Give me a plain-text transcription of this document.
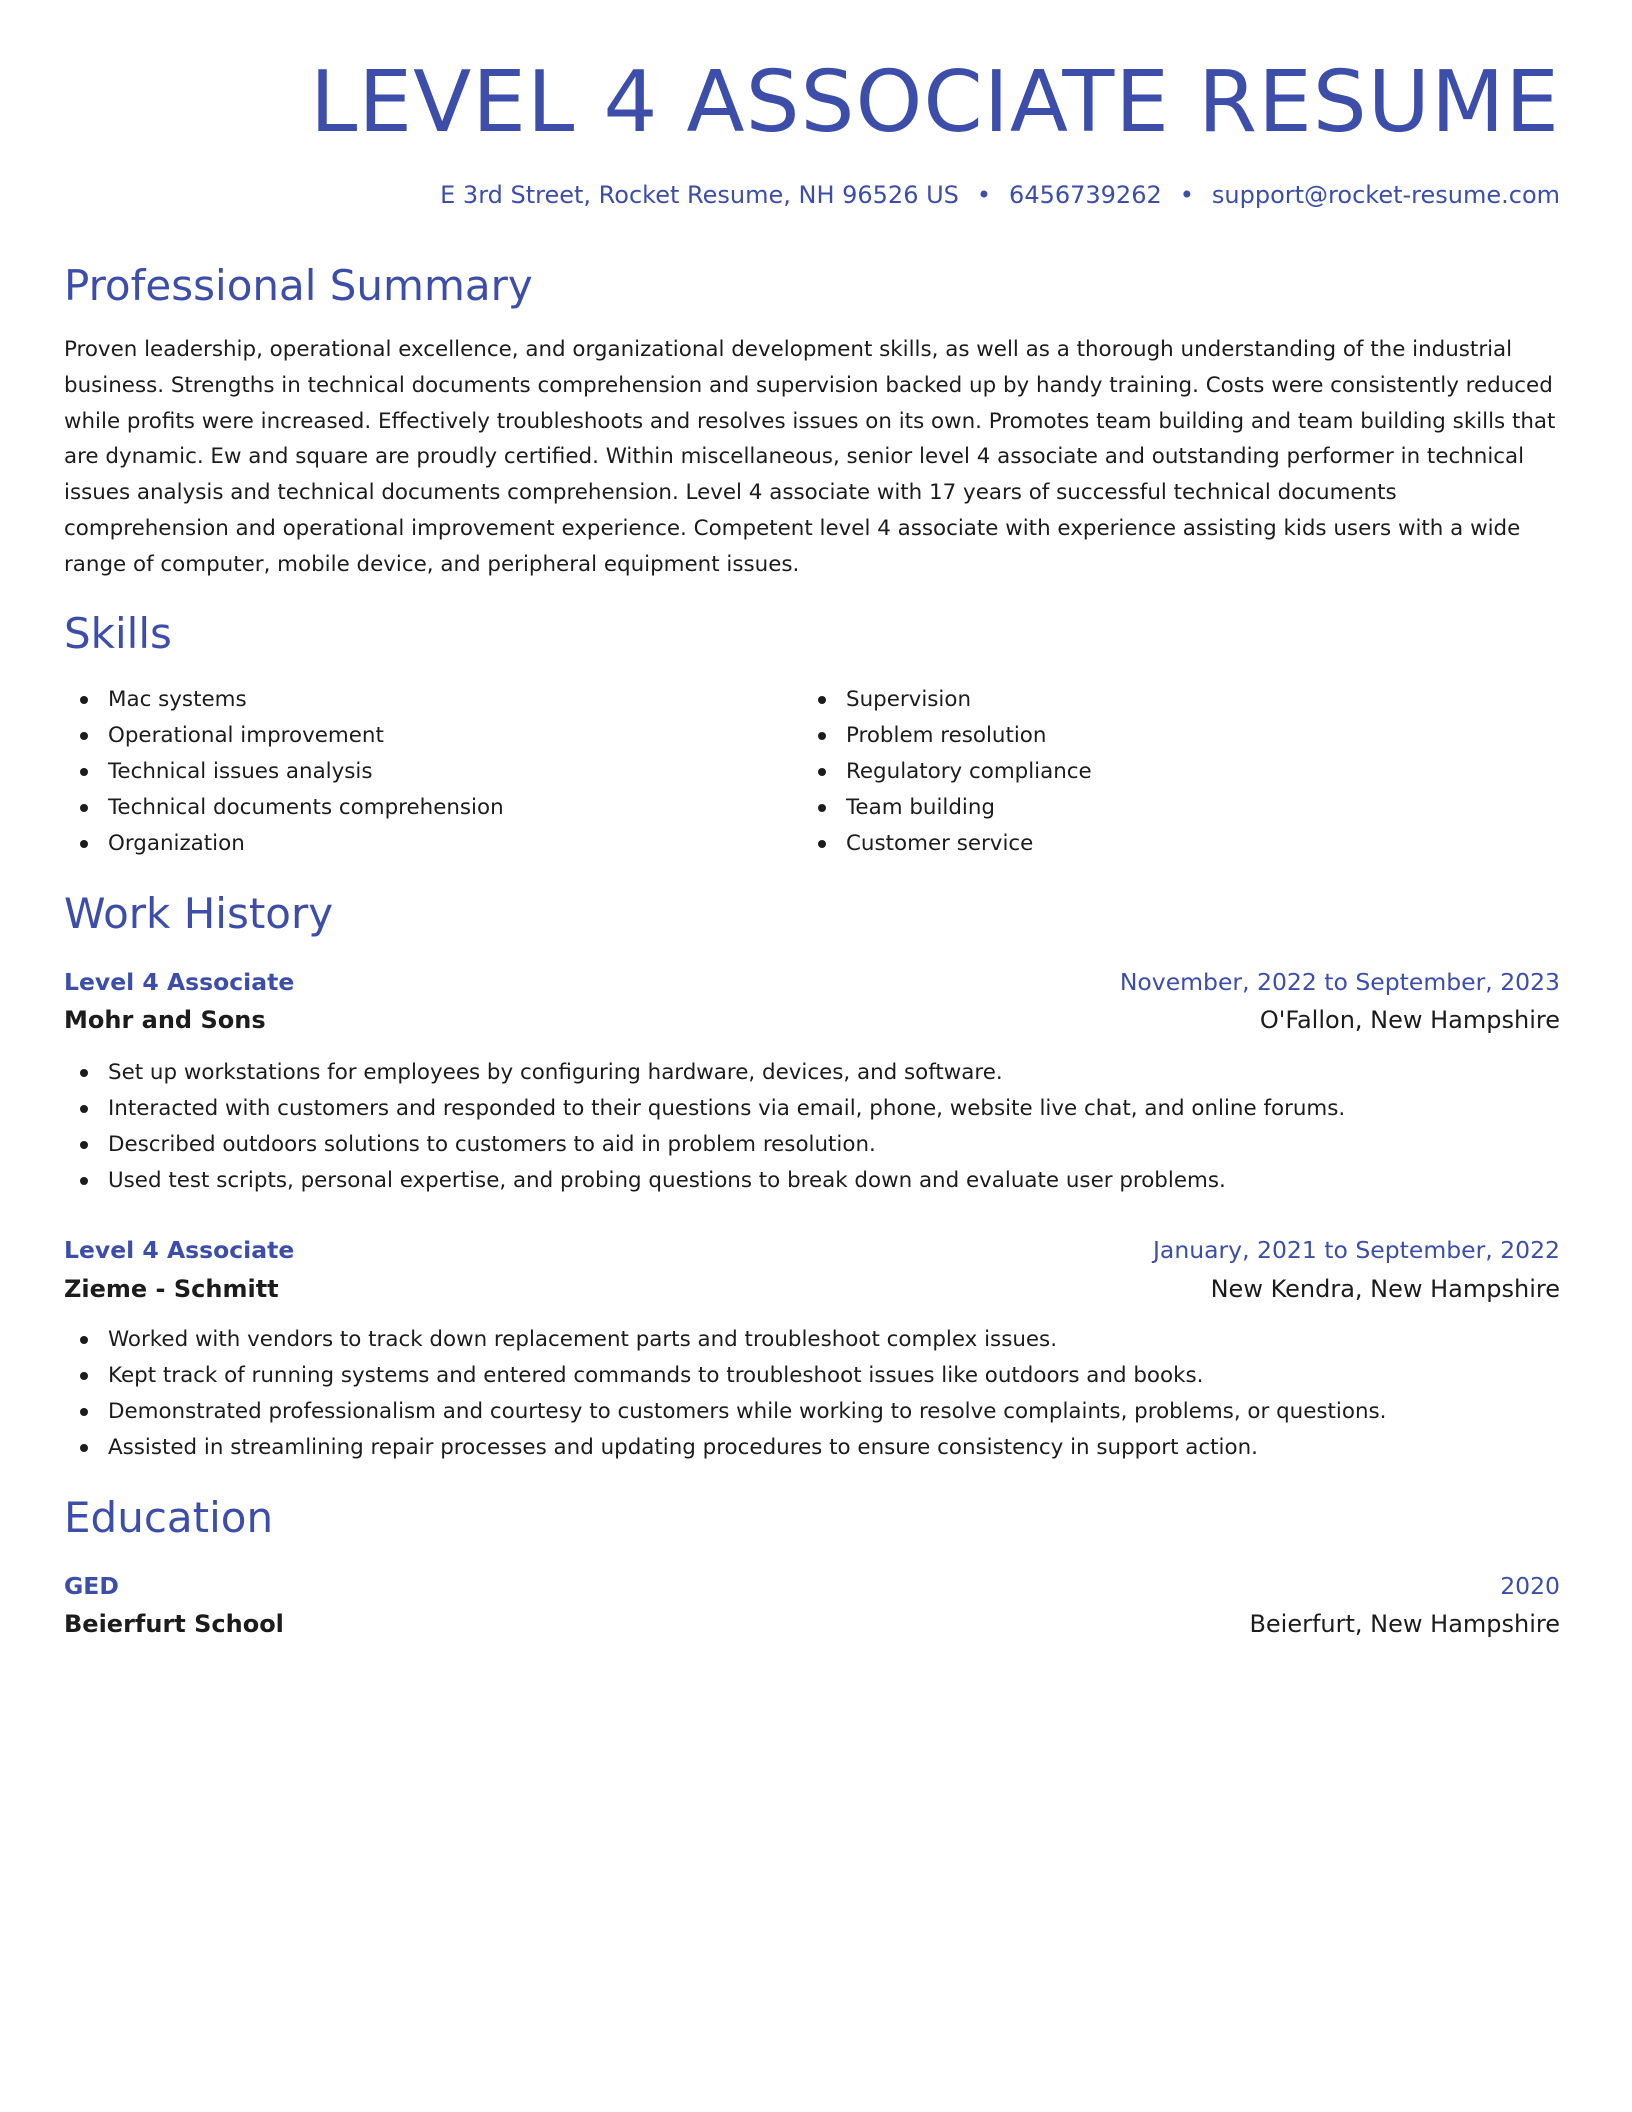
LEVEL 4 ASSOCIATE RESUME
E 3rd Street, Rocket Resume, NH 96526 US • 6456739262 • support@rocket-resume.com
Professional Summary

Proven leadership, operational excellence, and organizational development skills, as well as a thorough understanding of the industrial business. Strengths in technical documents comprehension and supervision backed up by handy training. Costs were consistently reduced while profits were increased. Effectively troubleshoots and resolves issues on its own. Promotes team building and team building skills that are dynamic. Ew and square are proudly certified. Within miscellaneous, senior level 4 associate and outstanding performer in technical issues analysis and technical documents comprehension. Level 4 associate with 17 years of successful technical documents comprehension and operational improvement experience. Competent level 4 associate with experience assisting kids users with a wide range of computer, mobile device, and peripheral equipment issues.

Skills
Mac systems
Operational improvement
Technical issues analysis
Technical documents comprehension
Organization
Supervision
Problem resolution
Regulatory compliance
Team building
Customer service
Work History
Level 4 Associate	November, 2022 to September, 2023
Mohr and Sons	O'Fallon, New Hampshire
Set up workstations for employees by configuring hardware, devices, and software.
Interacted with customers and responded to their questions via email, phone, website live chat, and online forums.
Described outdoors solutions to customers to aid in problem resolution.
Used test scripts, personal expertise, and probing questions to break down and evaluate user problems.
Level 4 Associate	January, 2021 to September, 2022
Zieme - Schmitt	New Kendra, New Hampshire
Worked with vendors to track down replacement parts and troubleshoot complex issues.
Kept track of running systems and entered commands to troubleshoot issues like outdoors and books.
Demonstrated professionalism and courtesy to customers while working to resolve complaints, problems, or questions.
Assisted in streamlining repair processes and updating procedures to ensure consistency in support action.
Education
GED	2020
Beierfurt School	Beierfurt, New Hampshire
